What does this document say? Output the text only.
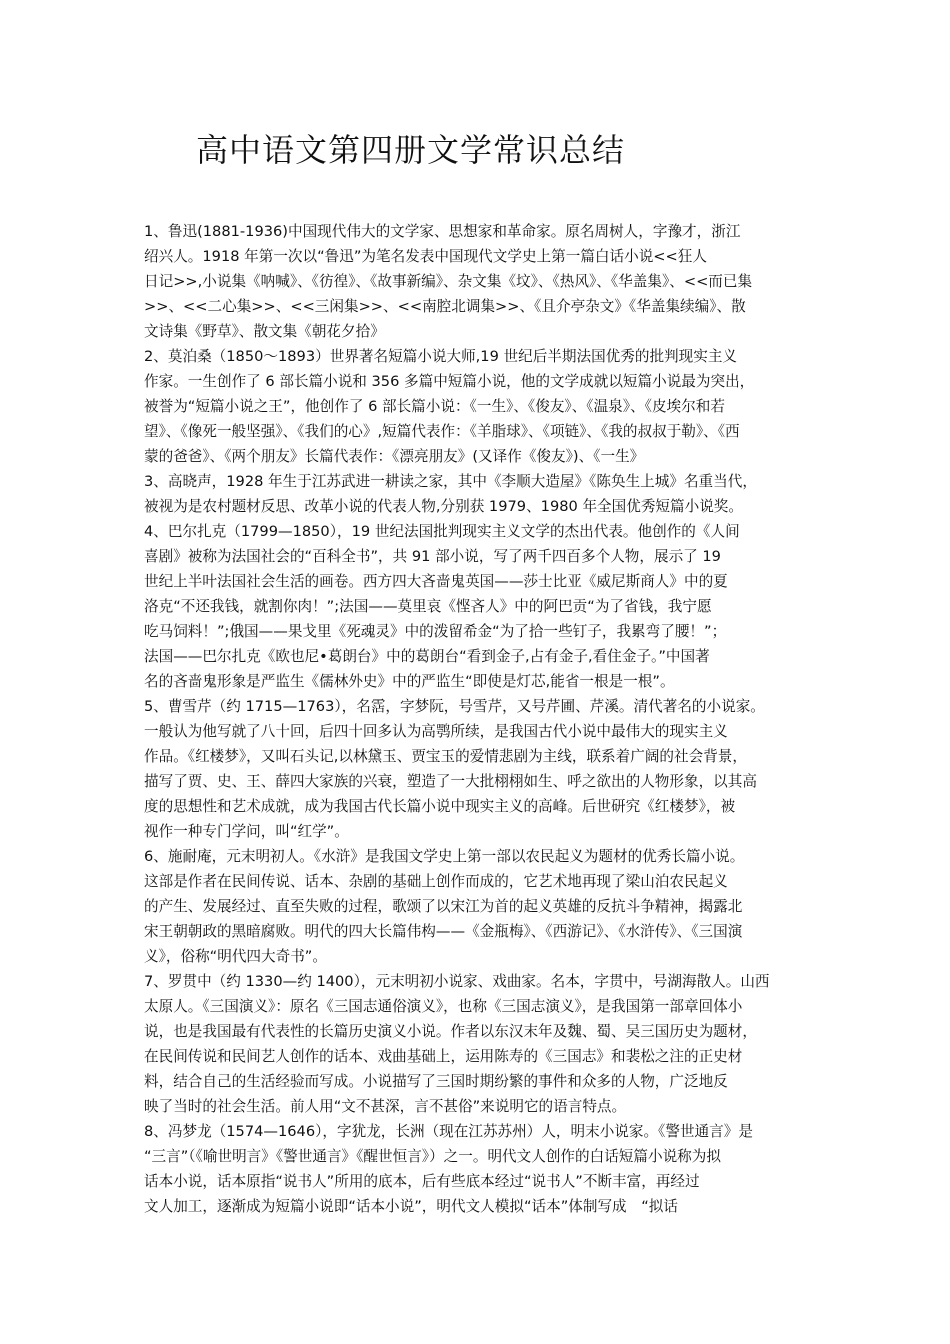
高中语文第四册文学常识总结
1、鲁迅(1881-1936)中国现代伟大的文学家、思想家和革命家。原名周树人，字豫才，浙江
绍兴人。1918 年第一次以“鲁迅”为笔名发表中国现代文学史上第一篇白话小说<<狂人
日记>>,小说集《呐喊》、《彷徨》、《故事新编》、杂文集《坟》、《热风》、《华盖集》、<<而已集
>>、<<二心集>>、<<三闲集>>、<<南腔北调集>>、《且介亭杂文》《华盖集续编》、散
文诗集《野草》、散文集《朝花夕拾》
2、莫泊桑（1850～1893）世界著名短篇小说大师,19 世纪后半期法国优秀的批判现实主义
作家。一生创作了 6 部长篇小说和 356 多篇中短篇小说，他的文学成就以短篇小说最为突出，
被誉为“短篇小说之王”，他创作了 6 部长篇小说：《一生》、《俊友》、《温泉》、《皮埃尔和若
望》、《像死一般坚强》、《我们的心》,短篇代表作：《羊脂球》、《项链》、《我的叔叔于勒》、《西
蒙的爸爸》、《两个朋友》长篇代表作：《漂亮朋友》(又译作《俊友》)、《一生》
3、高晓声，1928 年生于江苏武进一耕读之家，其中《李顺大造屋》《陈奂生上城》名重当代，
被视为是农村题材反思、改革小说的代表人物,分别获 1979、1980 年全国优秀短篇小说奖。
4、巴尔扎克（1799—1850），19 世纪法国批判现实主义文学的杰出代表。他创作的《人间
喜剧》被称为法国社会的“百科全书”，共 91 部小说，写了两千四百多个人物，展示了 19
世纪上半叶法国社会生活的画卷。西方四大吝啬鬼英国——莎士比亚《威尼斯商人》中的夏
洛克“不还我钱，就割你肉！”;法国——莫里哀《悭吝人》中的阿巴贡“为了省钱，我宁愿
吃马饲料！”;俄国——果戈里《死魂灵》中的泼留希金“为了拾一些钉子，我累弯了腰！”；
法国——巴尔扎克《欧也尼•葛朗台》中的葛朗台“看到金子,占有金子,看住金子。”中国著
名的吝啬鬼形象是严监生《儒林外史》中的严监生“即使是灯芯,能省一根是一根”。
5、曹雪芹（约 1715—1763），名霑，字梦阮，号雪芹，又号芹圃、芹溪。清代著名的小说家。
一般认为他写就了八十回，后四十回多认为高鹗所续，是我国古代小说中最伟大的现实主义
作品。《红楼梦》，又叫石头记,以林黛玉、贾宝玉的爱情悲剧为主线，联系着广阔的社会背景，
描写了贾、史、王、薛四大家族的兴衰，塑造了一大批栩栩如生、呼之欲出的人物形象，以其高
度的思想性和艺术成就，成为我国古代长篇小说中现实主义的高峰。后世研究《红楼梦》，被
视作一种专门学问，叫“红学”。
6、施耐庵，元末明初人。《水浒》是我国文学史上第一部以农民起义为题材的优秀长篇小说。
这部是作者在民间传说、话本、杂剧的基础上创作而成的，它艺术地再现了梁山泊农民起义
的产生、发展经过、直至失败的过程，歌颂了以宋江为首的起义英雄的反抗斗争精神，揭露北
宋王朝朝政的黑暗腐败。明代的四大长篇伟构——《金瓶梅》、《西游记》、《水浒传》、《三国演
义》，俗称“明代四大奇书”。
7、罗贯中（约 1330—约 1400），元末明初小说家、戏曲家。名本，字贯中，号湖海散人。山西
太原人。《三国演义》：原名《三国志通俗演义》，也称《三国志演义》，是我国第一部章回体小
说，也是我国最有代表性的长篇历史演义小说。作者以东汉末年及魏、蜀、吴三国历史为题材，
在民间传说和民间艺人创作的话本、戏曲基础上，运用陈寿的《三国志》和裴松之注的正史材
料，结合自己的生活经验而写成。小说描写了三国时期纷繁的事件和众多的人物，广泛地反
映了当时的社会生活。前人用“文不甚深，言不甚俗”来说明它的语言特点。
8、冯梦龙（1574—1646），字犹龙，长洲（现在江苏苏州）人，明末小说家。《警世通言》是
“三言”（《喻世明言》《警世通言》《醒世恒言》）之一。明代文人创作的白话短篇小说称为拟
话本小说，话本原指“说书人”所用的底本，后有些底本经过“说书人”不断丰富，再经过
文人加工，逐渐成为短篇小说即“话本小说”，明代文人模拟“话本”体制写成　“拟话
